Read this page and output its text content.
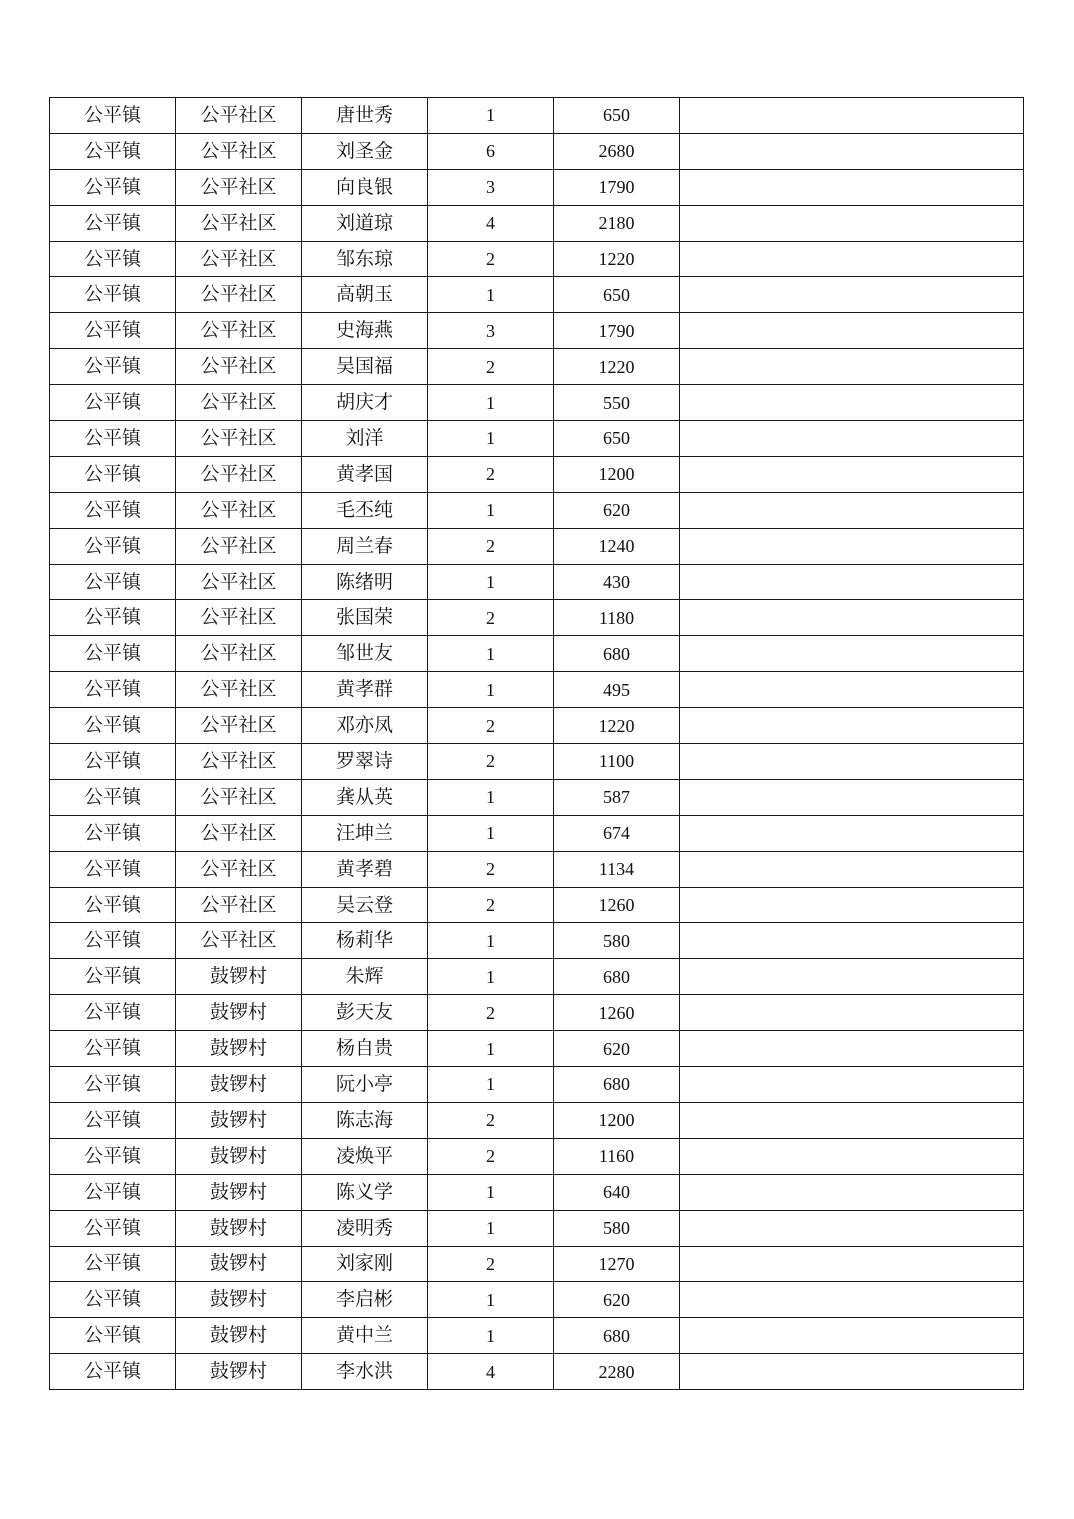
公平镇	公平社区	唐世秀	1	650	
公平镇	公平社区	刘圣金	6	2680	
公平镇	公平社区	向良银	3	1790	
公平镇	公平社区	刘道琼	4	2180	
公平镇	公平社区	邹东琼	2	1220	
公平镇	公平社区	高朝玉	1	650	
公平镇	公平社区	史海燕	3	1790	
公平镇	公平社区	吴国福	2	1220	
公平镇	公平社区	胡庆才	1	550	
公平镇	公平社区	刘洋	1	650	
公平镇	公平社区	黄孝国	2	1200	
公平镇	公平社区	毛丕纯	1	620	
公平镇	公平社区	周兰春	2	1240	
公平镇	公平社区	陈绪明	1	430	
公平镇	公平社区	张国荣	2	1180	
公平镇	公平社区	邹世友	1	680	
公平镇	公平社区	黄孝群	1	495	
公平镇	公平社区	邓亦凤	2	1220	
公平镇	公平社区	罗翠诗	2	1100	
公平镇	公平社区	龚从英	1	587	
公平镇	公平社区	汪坤兰	1	674	
公平镇	公平社区	黄孝碧	2	1134	
公平镇	公平社区	吴云登	2	1260	
公平镇	公平社区	杨莉华	1	580	
公平镇	鼓锣村	朱辉	1	680	
公平镇	鼓锣村	彭天友	2	1260	
公平镇	鼓锣村	杨自贵	1	620	
公平镇	鼓锣村	阮小亭	1	680	
公平镇	鼓锣村	陈志海	2	1200	
公平镇	鼓锣村	凌焕平	2	1160	
公平镇	鼓锣村	陈义学	1	640	
公平镇	鼓锣村	凌明秀	1	580	
公平镇	鼓锣村	刘家刚	2	1270	
公平镇	鼓锣村	李启彬	1	620	
公平镇	鼓锣村	黄中兰	1	680	
公平镇	鼓锣村	李水洪	4	2280	
